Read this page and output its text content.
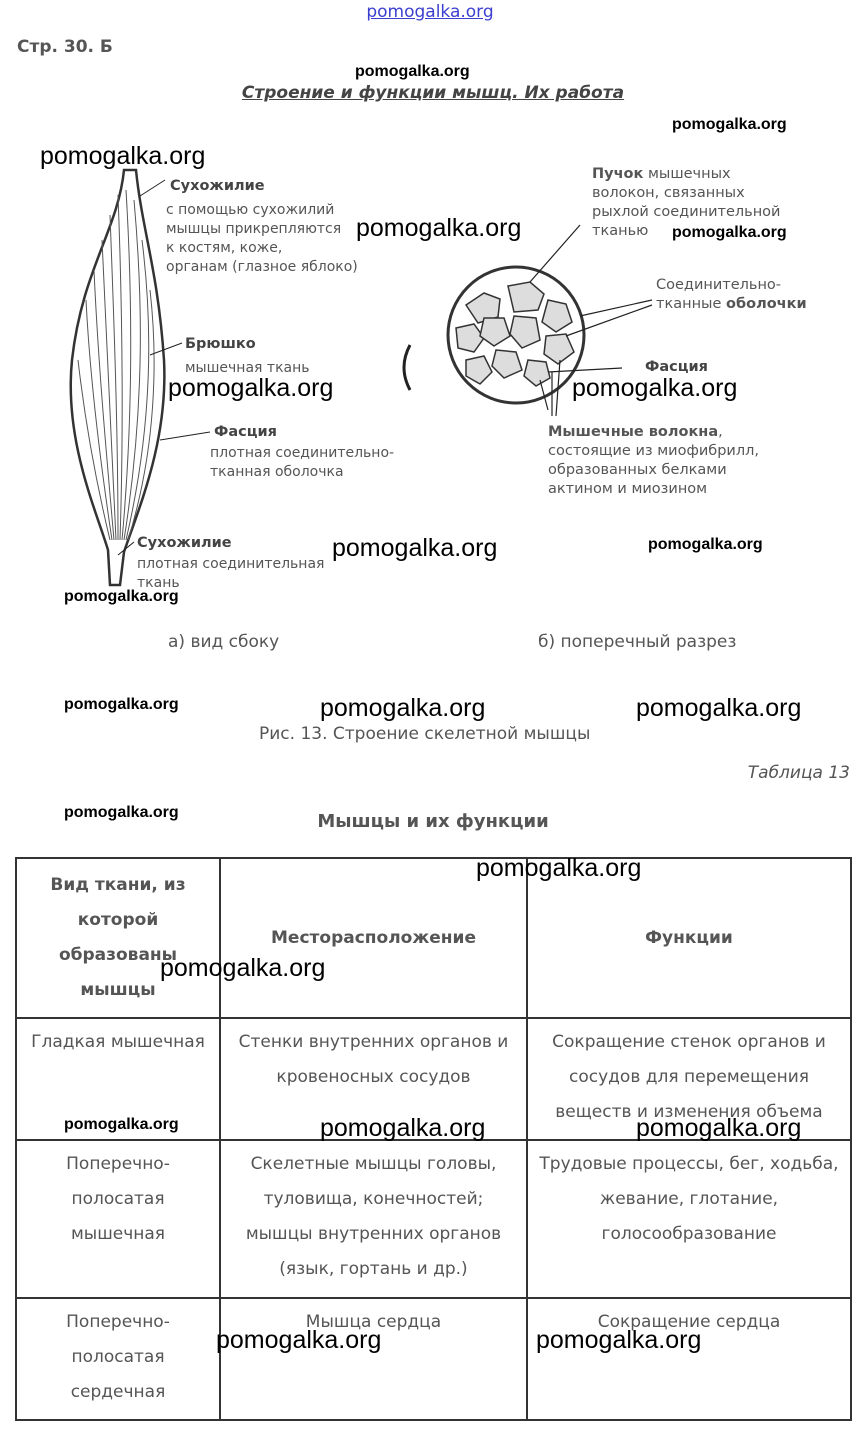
pomogalka.org
Стр. 30. Б
Строение и функции мышц. Их работа
Сухожилие
с помощью сухожилий
мышцы прикрепляются
к костям, коже,
органам (глазное яблоко)
Брюшко
мышечная ткань
Фасция
плотная соединительно-
тканная оболочка
Сухожилие
плотная соединительная
ткань
а) вид сбоку
Пучок мышечных
волокон, связанных
рыхлой соединительной
тканью
Соединительно-
тканные оболочки
Фасция
Мышечные волокна,
состоящие из миофибрилл,
образованных белками
актином и миозином
б) поперечный разрез
Рис. 13. Строение скелетной мышцы
Таблица 13
Мышцы и их функции
Вид ткани, из которой образованы мышцы	Месторасположение	Функции
Гладкая мышечная	Стенки внутренних органов и кровеносных сосудов	Сокращение стенок органов и сосудов для перемещения веществ и изменения объема
Поперечно-полосатая мышечная	Скелетные мышцы головы, туловища, конечностей; мышцы внутренних органов (язык, гортань и др.)	Трудовые процессы, бег, ходьба, жевание, глотание, голосообразование
Поперечно-полосатая сердечная	Мышца сердца	Сокращение сердца
pomogalka.org
pomogalka.org
pomogalka.org
pomogalka.org	pomogalka.org
pomogalka.org	pomogalka.org
pomogalka.org	pomogalka.org
pomogalka.org
pomogalka.org	pomogalka.org	pomogalka.org
pomogalka.org
pomogalka.org
pomogalka.org
pomogalka.org	pomogalka.org	pomogalka.org
pomogalka.org	pomogalka.org
